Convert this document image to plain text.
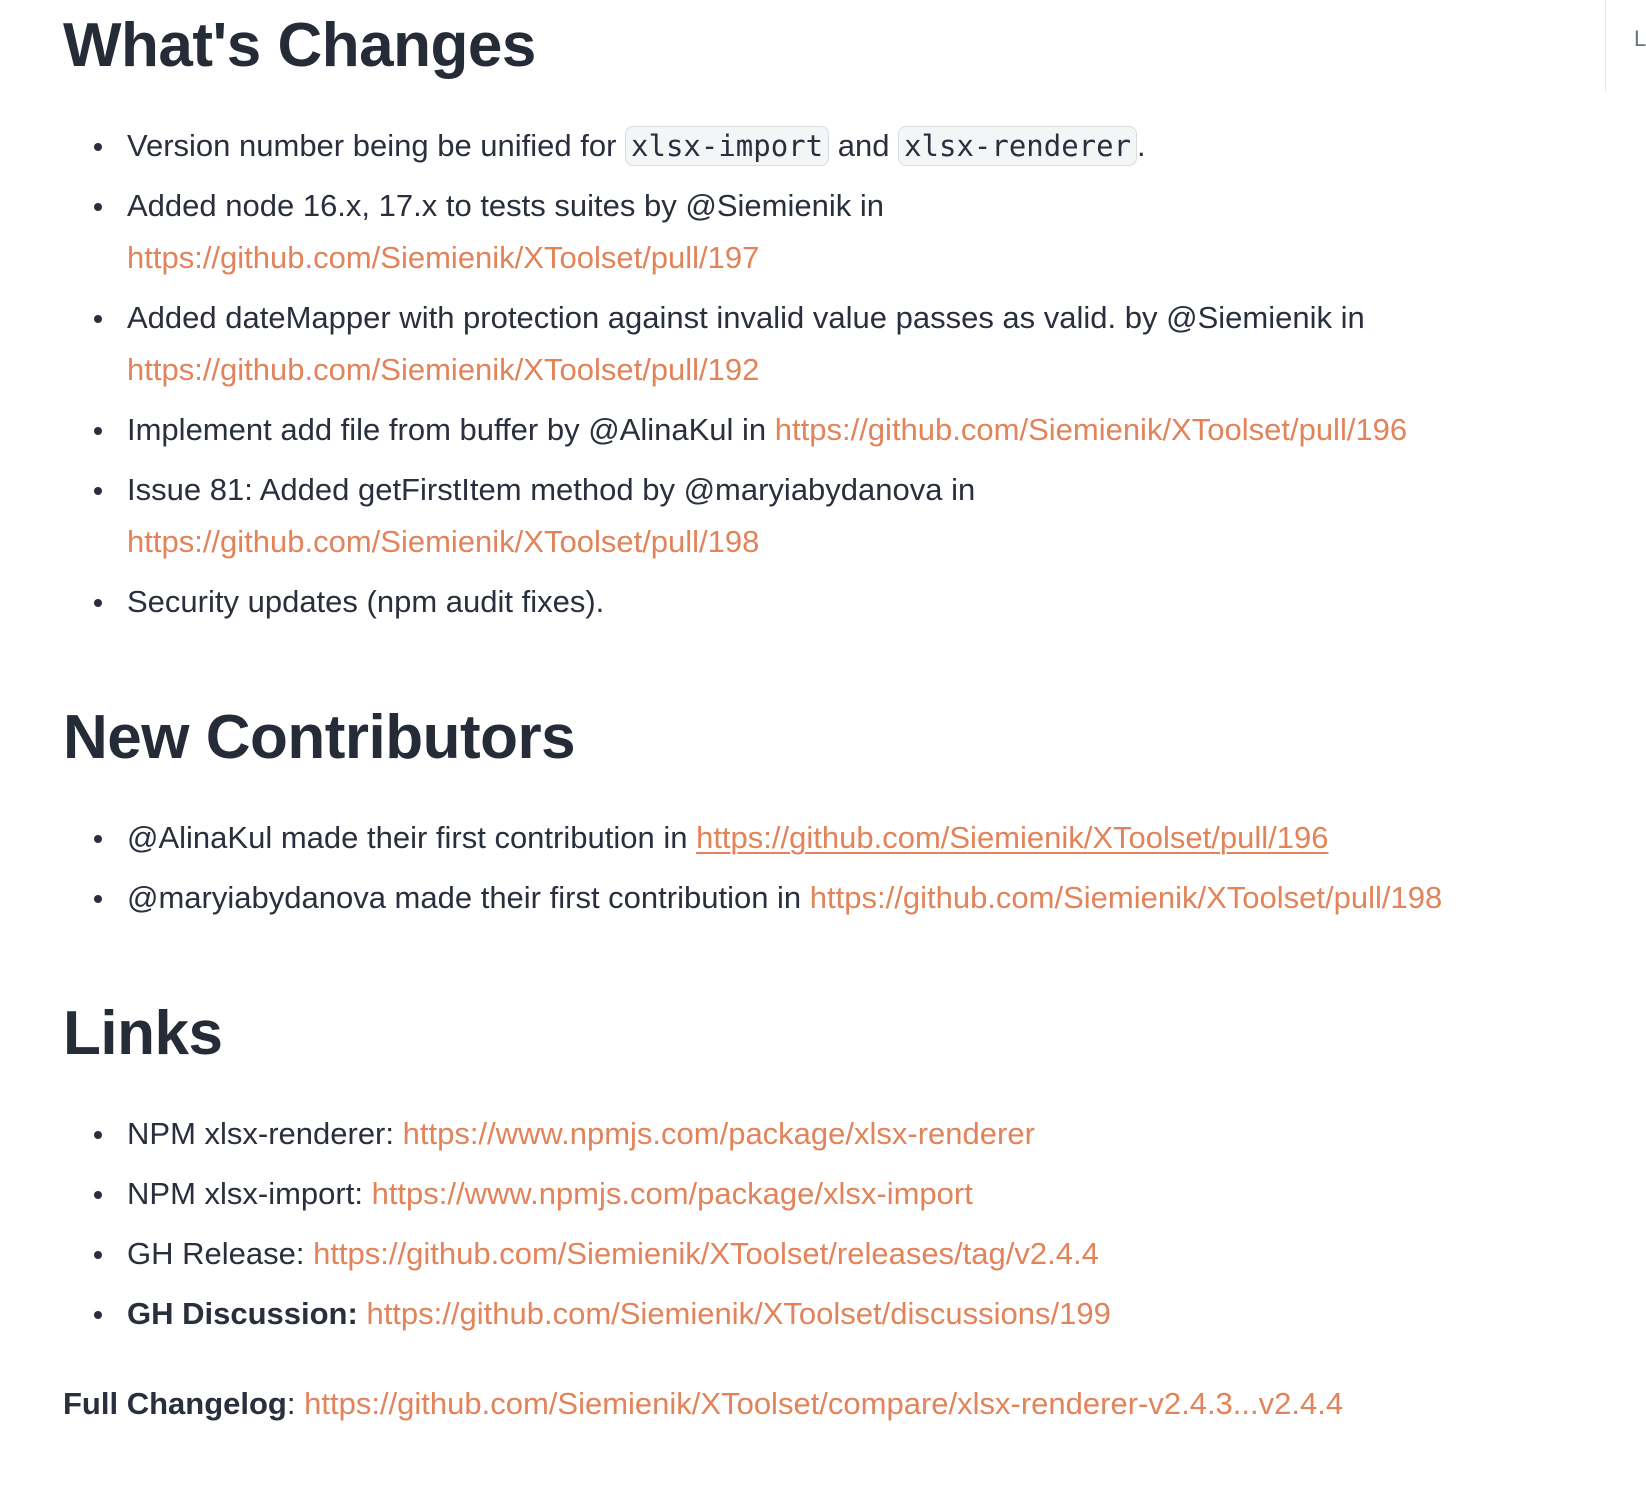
L
What's Changes
Version number being be unified for xlsx-import and xlsx-renderer .
Added node 16.x, 17.x to tests suites by @Siemienik in
https://github.com/Siemienik/XToolset/pull/197
Added dateMapper with protection against invalid value passes as valid. by @Siemienik in
https://github.com/Siemienik/XToolset/pull/192
Implement add file from buffer by @AlinaKul in https://github.com/Siemienik/XToolset/pull/196
Issue 81: Added getFirstItem method by @maryiabydanova in
https://github.com/Siemienik/XToolset/pull/198
Security updates (npm audit fixes).
New Contributors
@AlinaKul made their first contribution in https://github.com/Siemienik/XToolset/pull/196
@maryiabydanova made their first contribution in https://github.com/Siemienik/XToolset/pull/198
Links
NPM xlsx-renderer: https://www.npmjs.com/package/xlsx-renderer
NPM xlsx-import: https://www.npmjs.com/package/xlsx-import
GH Release: https://github.com/Siemienik/XToolset/releases/tag/v2.4.4
GH Discussion: https://github.com/Siemienik/XToolset/discussions/199
Full Changelog: https://github.com/Siemienik/XToolset/compare/xlsx-renderer-v2.4.3...v2.4.4
